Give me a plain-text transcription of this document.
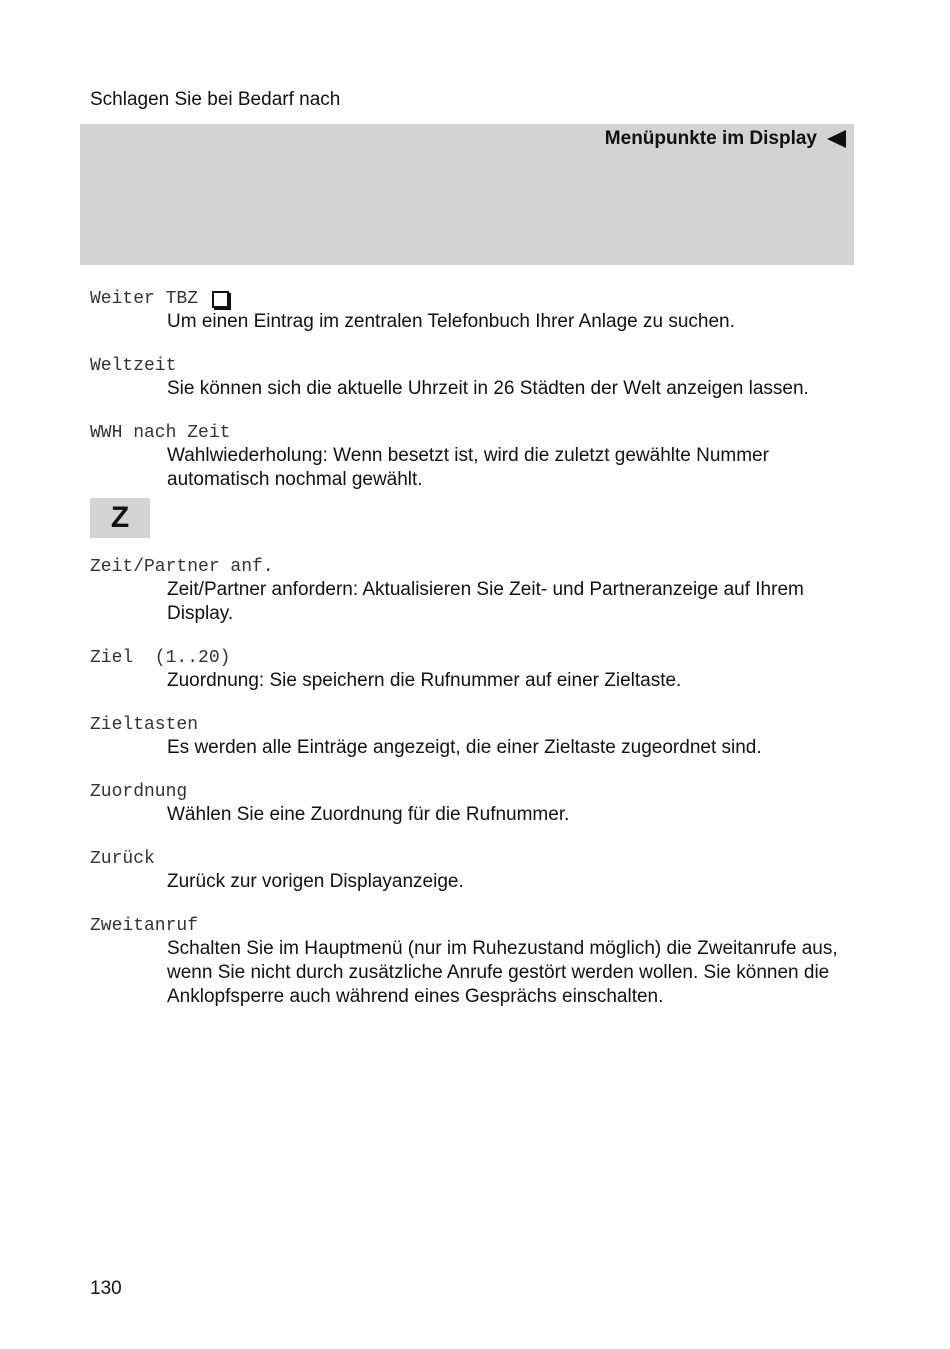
Schlagen Sie bei Bedarf nach
Menüpunkte im Display
Weiter TBZ
Um einen Eintrag im zentralen Telefonbuch Ihrer Anlage zu suchen.
Weltzeit
Sie können sich die aktuelle Uhrzeit in 26 Städten der Welt anzeigen lassen.
WWH nach Zeit
Wahlwiederholung: Wenn besetzt ist, wird die zuletzt gewählte Nummer automatisch nochmal gewählt.
Z
Zeit/Partner anf.
Zeit/Partner anfordern: Aktualisieren Sie Zeit- und Partneranzeige auf Ihrem Display.
Ziel  (1..20)
Zuordnung: Sie speichern die Rufnummer auf einer Zieltaste.
Zieltasten
Es werden alle Einträge angezeigt, die einer Zieltaste zugeordnet sind.
Zuordnung
Wählen Sie eine Zuordnung für die Rufnummer.
Zurück
Zurück zur vorigen Displayanzeige.
Zweitanruf
Schalten Sie im Hauptmenü (nur im Ruhezustand möglich) die Zweitanrufe aus, wenn Sie nicht durch zusätzliche Anrufe gestört werden wollen. Sie können die Anklopfsperre auch während eines Gesprächs einschalten.
130
